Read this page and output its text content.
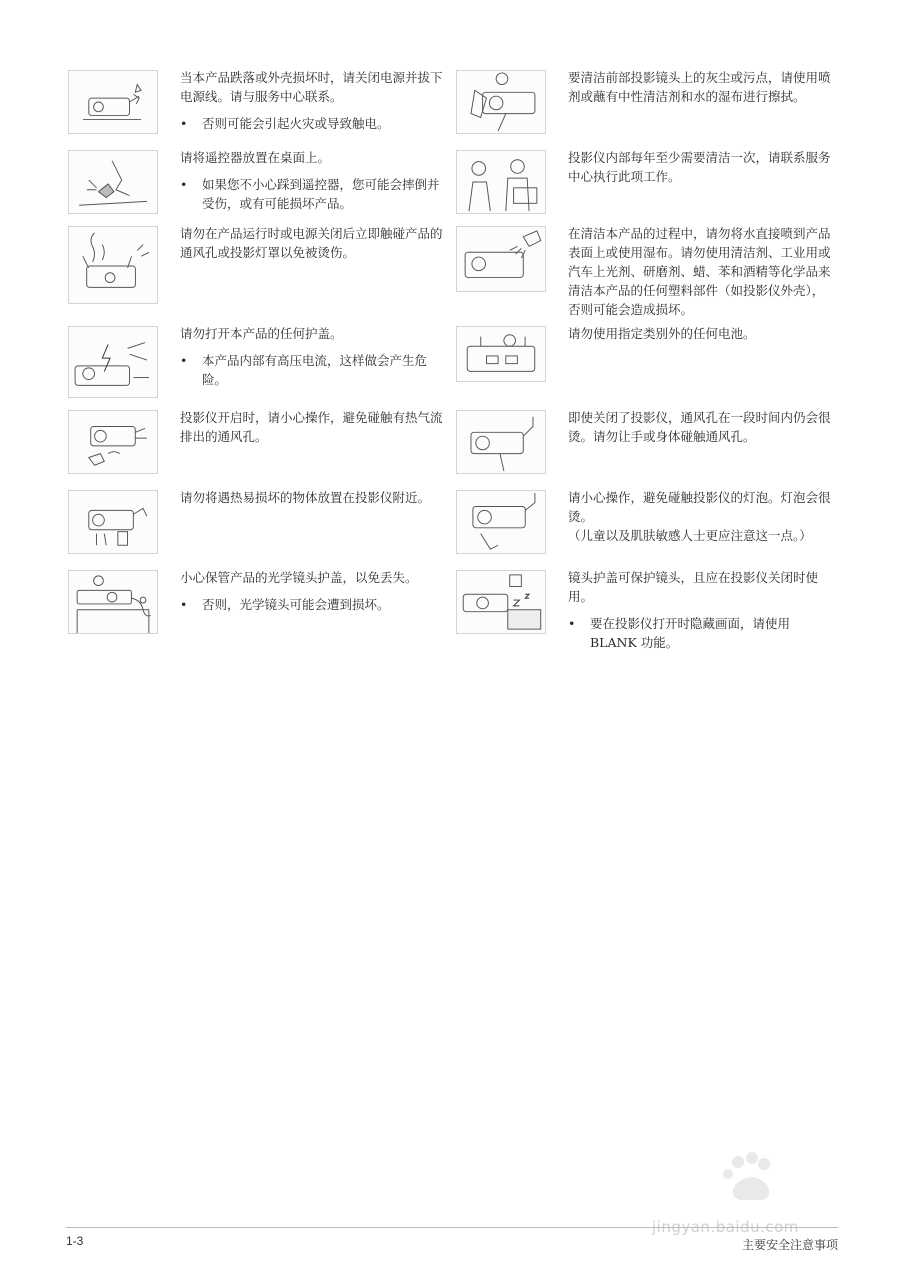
当本产品跌落或外壳损坏时，请关闭电源并拔下电源线。请与服务中心联系。

• 否则可能会引起火灾或导致触电。

请将遥控器放置在桌面上。

• 如果您不小心踩到遥控器，您可能会摔倒并受伤，或有可能损坏产品。

请勿在产品运行时或电源关闭后立即触碰产品的通风孔或投影灯罩以免被烫伤。

请勿打开本产品的任何护盖。

• 本产品内部有高压电流，这样做会产生危险。

投影仪开启时，请小心操作，避免碰触有热气流排出的通风孔。

请勿将遇热易损坏的物体放置在投影仪附近。

小心保管产品的光学镜头护盖，以免丢失。

• 否则，光学镜头可能会遭到损坏。

要清洁前部投影镜头上的灰尘或污点，请使用喷剂或蘸有中性清洁剂和水的湿布进行擦拭。

投影仪内部每年至少需要清洁一次，请联系服务中心执行此项工作。

在清洁本产品的过程中，请勿将水直接喷到产品表面上或使用湿布。请勿使用清洁剂、工业用或汽车上光剂、研磨剂、蜡、苯和酒精等化学品来清洁本产品的任何塑料部件（如投影仪外壳），否则可能会造成损坏。

请勿使用指定类别外的任何电池。

即使关闭了投影仪，通风孔在一段时间内仍会很烫。请勿让手或身体碰触通风孔。

请小心操作，避免碰触投影仪的灯泡。灯泡会很烫。

（儿童以及肌肤敏感人士更应注意这一点。）

镜头护盖可保护镜头，且应在投影仪关闭时使用。

• 要在投影仪打开时隐藏画面，请使用 BLANK 功能。
jingyan.baidu.com
1-3	主要安全注意事项
